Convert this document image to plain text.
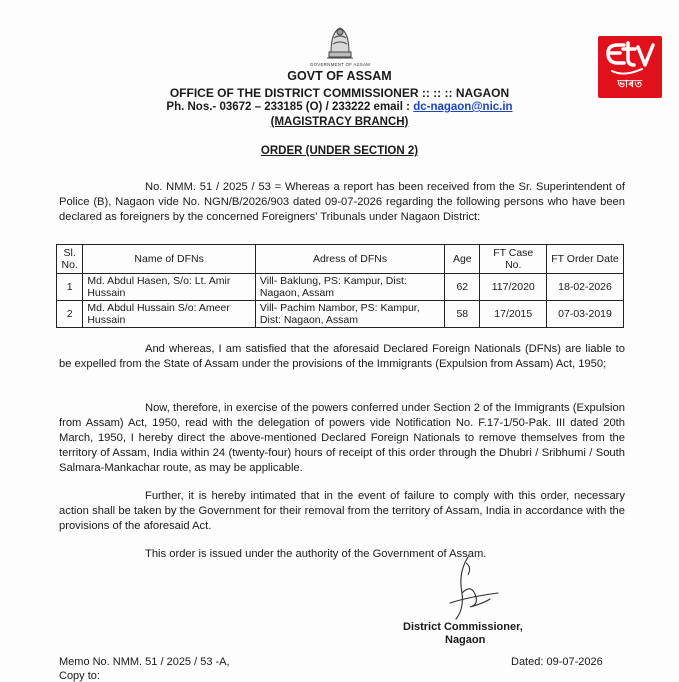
GOVERNMENT OF ASSAM
ভাৰত
GOVT OF ASSAM
OFFICE OF THE DISTRICT COMMISSIONER :: :: :: NAGAON
Ph. Nos.- 03672 – 233185 (O) / 233222 email : dc-nagaon@nic.in
(MAGISTRACY BRANCH)
ORDER (UNDER SECTION 2)
No. NMM. 51 / 2025 / 53 = Whereas a report has been received from the Sr. Superintendent of Police (B), Nagaon vide No. NGN/B/2026/903 dated 09-07-2026 regarding the following persons who have been declared as foreigners by the concerned Foreigners' Tribunals under Nagaon District:
Sl. No.	Name of DFNs	Adress of DFNs	Age	FT Case No.	FT Order Date
1	Md. Abdul Hasen, S/o: Lt. Amir Hussain	Vill- Baklung, PS: Kampur, Dist: Nagaon, Assam	62	117/2020	18-02-2026
2	Md. Abdul Hussain S/o: Ameer Hussain	Vill- Pachim Nambor, PS: Kampur, Dist: Nagaon, Assam	58	17/2015	07-03-2019
And whereas, I am satisfied that the aforesaid Declared Foreign Nationals (DFNs) are liable to be expelled from the State of Assam under the provisions of the Immigrants (Expulsion from Assam) Act, 1950;
Now, therefore, in exercise of the powers conferred under Section 2 of the Immigrants (Expulsion from Assam) Act, 1950, read with the delegation of powers vide Notification No. F.17-1/50-Pak. III dated 20th March, 1950, I hereby direct the above-mentioned Declared Foreign Nationals to remove themselves from the territory of Assam, India within 24 (twenty-four) hours of receipt of this order through the Dhubri / Sribhumi / South Salmara-Mankachar route, as may be applicable.
Further, it is hereby intimated that in the event of failure to comply with this order, necessary action shall be taken by the Government for their removal from the territory of Assam, India in accordance with the provisions of the aforesaid Act.
This order is issued under the authority of the Government of Assam.
District Commissioner,
Nagaon
Memo No. NMM. 51 / 2025 / 53 -A,	Dated: 09-07-2026
Copy to:
